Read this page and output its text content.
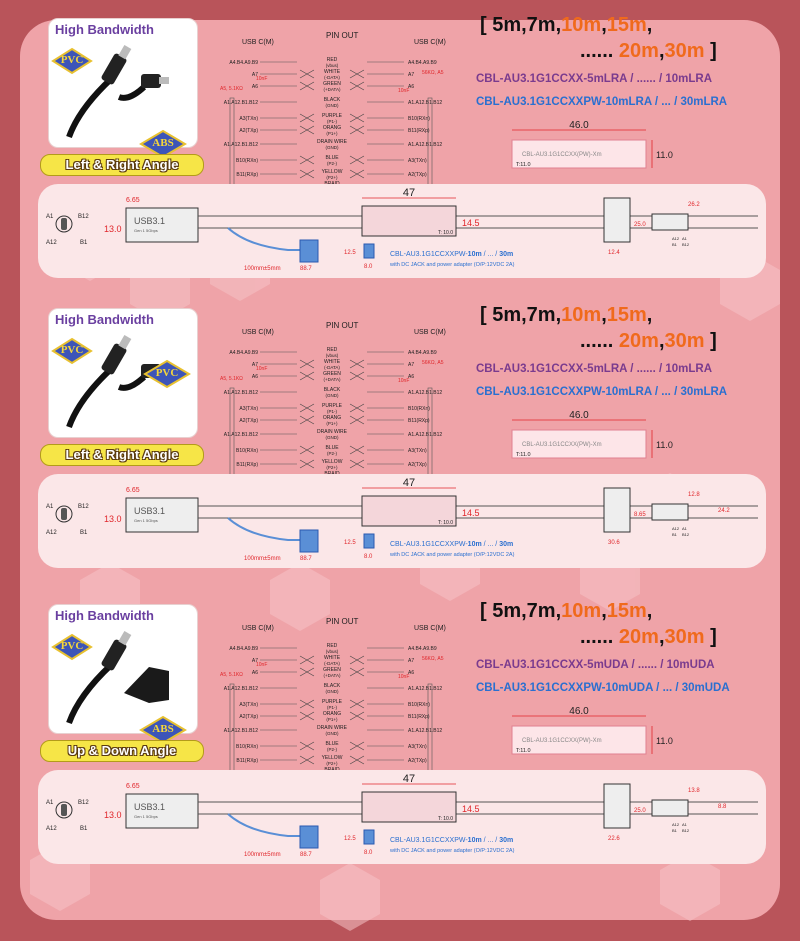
High Bandwidth
PVC
ABS
Left & Right Angle
PIN OUT
USB C(M)	USB C(M)
A4.B4.A9.B9	A4.B4.A9.B9
RED
(vbus)
A7	A7
WHITE
(-DATA)
A6	A6
GREEN
(+DATA)
A1.A12.B1.B12	A1.A12.B1.B12
BLACK
(GND)
A3(TXn)	B10(RXn)
PURPLE
(P1-)
A2(TXp)	B11(RXp)
ORANG
(P1+)
A1.A12.B1.B12	A1.A12.B1.B12
DRAIN WIRE
(GND)
B10(RXn)	A3(TXn)
BLUE
(P2-)
B11(RXp)	A2(TXp)
YELLOW
(P2+)
A5, 5.1KΩ
56KΩ, A5
10nF
10nF
[ 5m,7m,10m,15m,
...... 20m,30m ]
CBL-AU3.1G1CCXX-5mLRA / ...... / 10mLRA
CBL-AU3.1G1CCXXPW-10mLRA / ... / 30mLRA
46.0
11.0
CBL-AU3.1G1CCXX(PW)-Xm
T:11.0
A1	B12
A12	B1
USB3.1
Gen 1 5Gbps
6.65
13.0
47
14.5
T: 10.0
12.5
8.0
100mm±5mm	88.7
CBL-AU3.1G1CCXXPW-10m / ... / 30m
with DC JACK and power adapter (O/P:12VDC 2A)
26.2
25.0
12.4
A12 A1
B1 B12
High Bandwidth
PVC
PVC
Left & Right Angle
PIN OUT
USB C(M)	USB C(M)
A4.B4.A9.B9	A4.B4.A9.B9
RED
(vbus)
A7	A7
WHITE
(-DATA)
A6	A6
GREEN
(+DATA)
A1.A12.B1.B12	A1.A12.B1.B12
BLACK
(GND)
A3(TXn)	B10(RXn)
PURPLE
(P1-)
A2(TXp)	B11(RXp)
ORANG
(P1+)
A1.A12.B1.B12	A1.A12.B1.B12
DRAIN WIRE
(GND)
B10(RXn)	A3(TXn)
BLUE
(P2-)
B11(RXp)	A2(TXp)
YELLOW
(P2+)
A5, 5.1KΩ
56KΩ, A5
10nF
10nF
[ 5m,7m,10m,15m,
...... 20m,30m ]
CBL-AU3.1G1CCXX-5mLRA / ...... / 10mLRA
CBL-AU3.1G1CCXXPW-10mLRA / ... / 30mLRA
46.0
11.0
CBL-AU3.1G1CCXX(PW)-Xm
T:11.0
A1	B12
A12	B1
USB3.1
Gen 1 5Gbps
6.65
13.0
47
14.5
T: 10.0
12.5
8.0
100mm±5mm	88.7
CBL-AU3.1G1CCXXPW-10m / ... / 30m
with DC JACK and power adapter (O/P:12VDC 2A)
12.8
8.65
30.6
24.2
A12 A1
B1 B12
High Bandwidth
PVC
ABS
Up & Down Angle
PIN OUT
USB C(M)	USB C(M)
A4.B4.A9.B9	A4.B4.A9.B9
RED
(vbus)
A7	A7
WHITE
(-DATA)
A6	A6
GREEN
(+DATA)
A1.A12.B1.B12	A1.A12.B1.B12
BLACK
(GND)
A3(TXn)	B10(RXn)
PURPLE
(P1-)
A2(TXp)	B11(RXp)
ORANG
(P1+)
A1.A12.B1.B12	A1.A12.B1.B12
DRAIN WIRE
(GND)
B10(RXn)	A3(TXn)
BLUE
(P2-)
B11(RXp)	A2(TXp)
YELLOW
(P2+)
A5, 5.1KΩ
56KΩ, A5
10nF
10nF
[ 5m,7m,10m,15m,
...... 20m,30m ]
CBL-AU3.1G1CCXX-5mUDA / ...... / 10mUDA
CBL-AU3.1G1CCXXPW-10mUDA / ... / 30mUDA
46.0
11.0
CBL-AU3.1G1CCXX(PW)-Xm
T:11.0
A1	B12
A12	B1
USB3.1
Gen 1 5Gbps
6.65
13.0
47
14.5
T: 10.0
12.5
8.0
100mm±5mm	88.7
CBL-AU3.1G1CCXXPW-10m / ... / 30m
with DC JACK and power adapter (O/P:12VDC 2A)
13.8
25.0
22.6
8.8
A12 A1
B1 B12
